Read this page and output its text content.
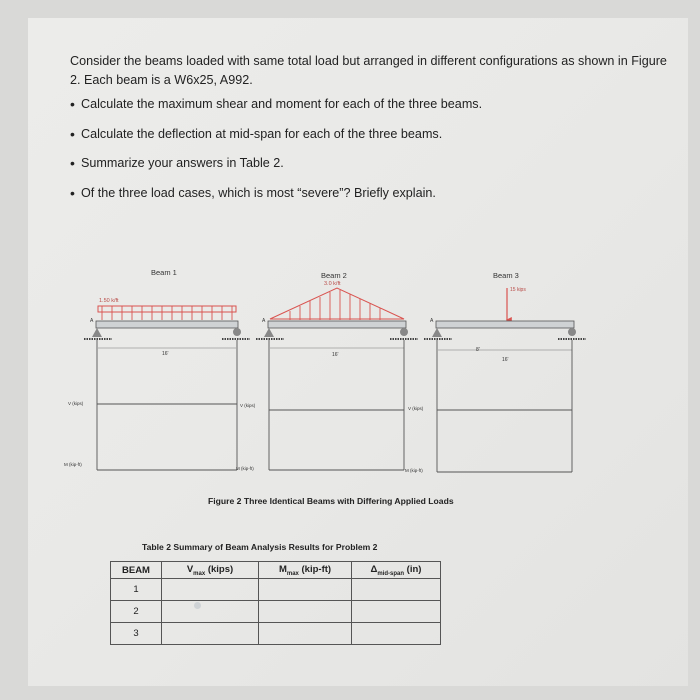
Consider the beams loaded with same total load but arranged in different configurations as shown in Figure 2. Each beam is a W6x25, A992.
• Calculate the maximum shear and moment for each of the three beams.
• Calculate the deflection at mid-span for each of the three beams.
• Summarize your answers in Table 2.
• Of the three load cases, which is most “severe”? Briefly explain.
Beam 1
1.50 k/ft
16'
Beam 2
3.0 k/ft
16'
Beam 3
15 kips
8'
16'
A	A	A
V (kips)	V (kips)
V (kips)
M (kip-ft)
M (kip-ft)	M (kip-ft)
Figure 2 Three Identical Beams with Differing Applied Loads
Table 2 Summary of Beam Analysis Results for Problem 2
BEAM	$V_{max}$ (kips)	$M_{max}$ (kip-ft)	$\Delta_{mid-span}$ (in)
1			
2			
3			
